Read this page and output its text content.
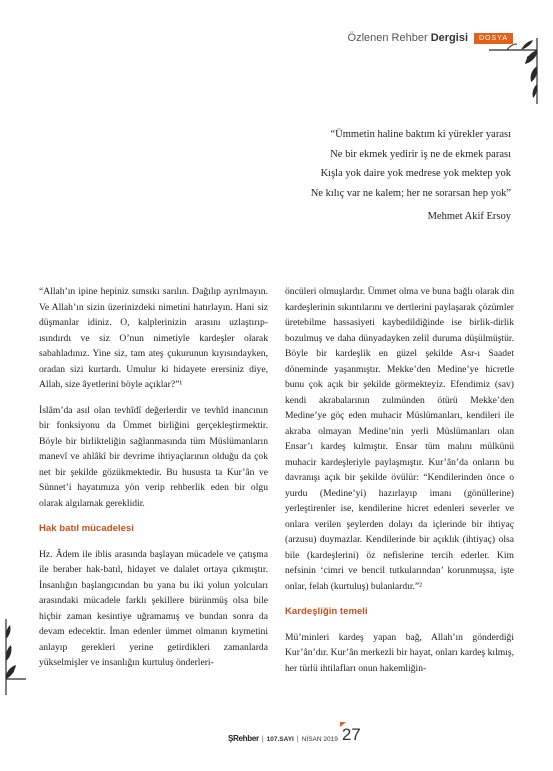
Özlenen Rehber Dergisi	DOSYA

“Ümmetin haline baktım ki yürekler yarası

Ne bir ekmek yedirir iş ne de ekmek parası

Kışla yok daire yok medrese yok mektep yok

Ne kılıç var ne kalem; her ne sorarsan hep yok”

Mehmet Akif Ersoy

“Allah’ın ipine hepiniz sımsıkı sarılın. Dağılıp ayrılmayın. Ve Allah’ın sizin üzerinizdeki nimetini hatırlayın. Hani siz düşmanlar idiniz. O, kalplerinizin arasını uzlaştırıp-ısındırdı ve siz O’nun nimetiyle kardeşler olarak sabahladınız. Yine siz, tam ateş çukurunun kıyısındayken, oradan sizi kurtardı. Umulur ki hidayete erersiniz diye, Allah, size âyetlerini böyle açıklar?”¹

İslâm’da asıl olan tevhîdî değerlerdir ve tevhîd inancının bir fonksiyonu da Ümmet birliğini gerçekleştirmektir. Böyle bir birlikteliğin sağlanmasında tüm Müslümanların manevî ve ahlâkî bir devrime ihtiyaçlarının olduğu da çok net bir şekilde gözükmektedir. Bu hususta ta Kur’ân ve Sünnet’i hayatımıza yön verip rehberlik eden bir olgu olarak algılamak gereklidir.

Hak batıl mücadelesi

Hz. Âdem ile iblis arasında başlayan mücadele ve çatışma ile beraber hak-batıl, hidayet ve dalalet ortaya çıkmıştır. İnsanlığın başlangıcından bu yana bu iki yolun yolcuları arasındaki mücadele farklı şekillere bürünmüş olsa bile hiçbir zaman kesintiye uğramamış ve bundan sonra da devam edecektir. İman edenler ümmet olmanın kıymetini anlayıp gerekleri yerine getirdikleri zamanlarda yükselmişler ve insanlığın kurtuluş önderleri-

öncüleri olmuşlardır. Ümmet olma ve buna bağlı olarak din kardeşlerinin sıkıntılarını ve dertlerini paylaşarak çözümler üretebilme hassasiyeti kaybedildiğinde ise birlik-dirlik bozulmuş ve daha dünyadayken zelil duruma düşülmüştür. Böyle bir kardeşlik en güzel şekilde Asr-ı Saadet döneminde yaşanmıştır. Mekke’den Medine’ye hicretle bunu çok açık bir şekilde görmekteyiz. Efendimiz (sav) kendi akrabalarının zulmünden ötürü Mekke’den Medine’ye göç eden muhacir Müslümanları, kendileri ile akraba olmayan Medine’nin yerli Müslümanları olan Ensar’ı kardeş kılmıştır. Ensar tüm malını mülkünü muhacir kardeşleriyle paylaşmıştır. Kur’ân’da onların bu davranışı açık bir şekilde övülür: “Kendilerinden önce o yurdu (Medine’yi) hazırlayıp imanı (gönüllerine) yerleştirenler ise, kendilerine hicret edenleri severler ve onlara verilen şeylerden dolayı da içlerinde bir ihtiyaç (arzusu) duymazlar. Kendilerinde bir açıklık (ihtiyaç) olsa bile (kardeşlerini) öz nefislerine tercih ederler. Kim nefsinin ‘cimri ve bencil tutkularından’ korunmuşsa, işte onlar, felah (kurtuluş) bulanlardır.”²

Kardeşliğin temeli

Mü’minleri kardeş yapan bağ, Allah’ın gönderdiği Kur’ân’dır. Kur’ân merkezli bir hayat, onları kardeş kılmış, her türlü ihtilafları onun hakemliğin-

ŞRehber | 107.SAYI | NİSAN 2019 27
